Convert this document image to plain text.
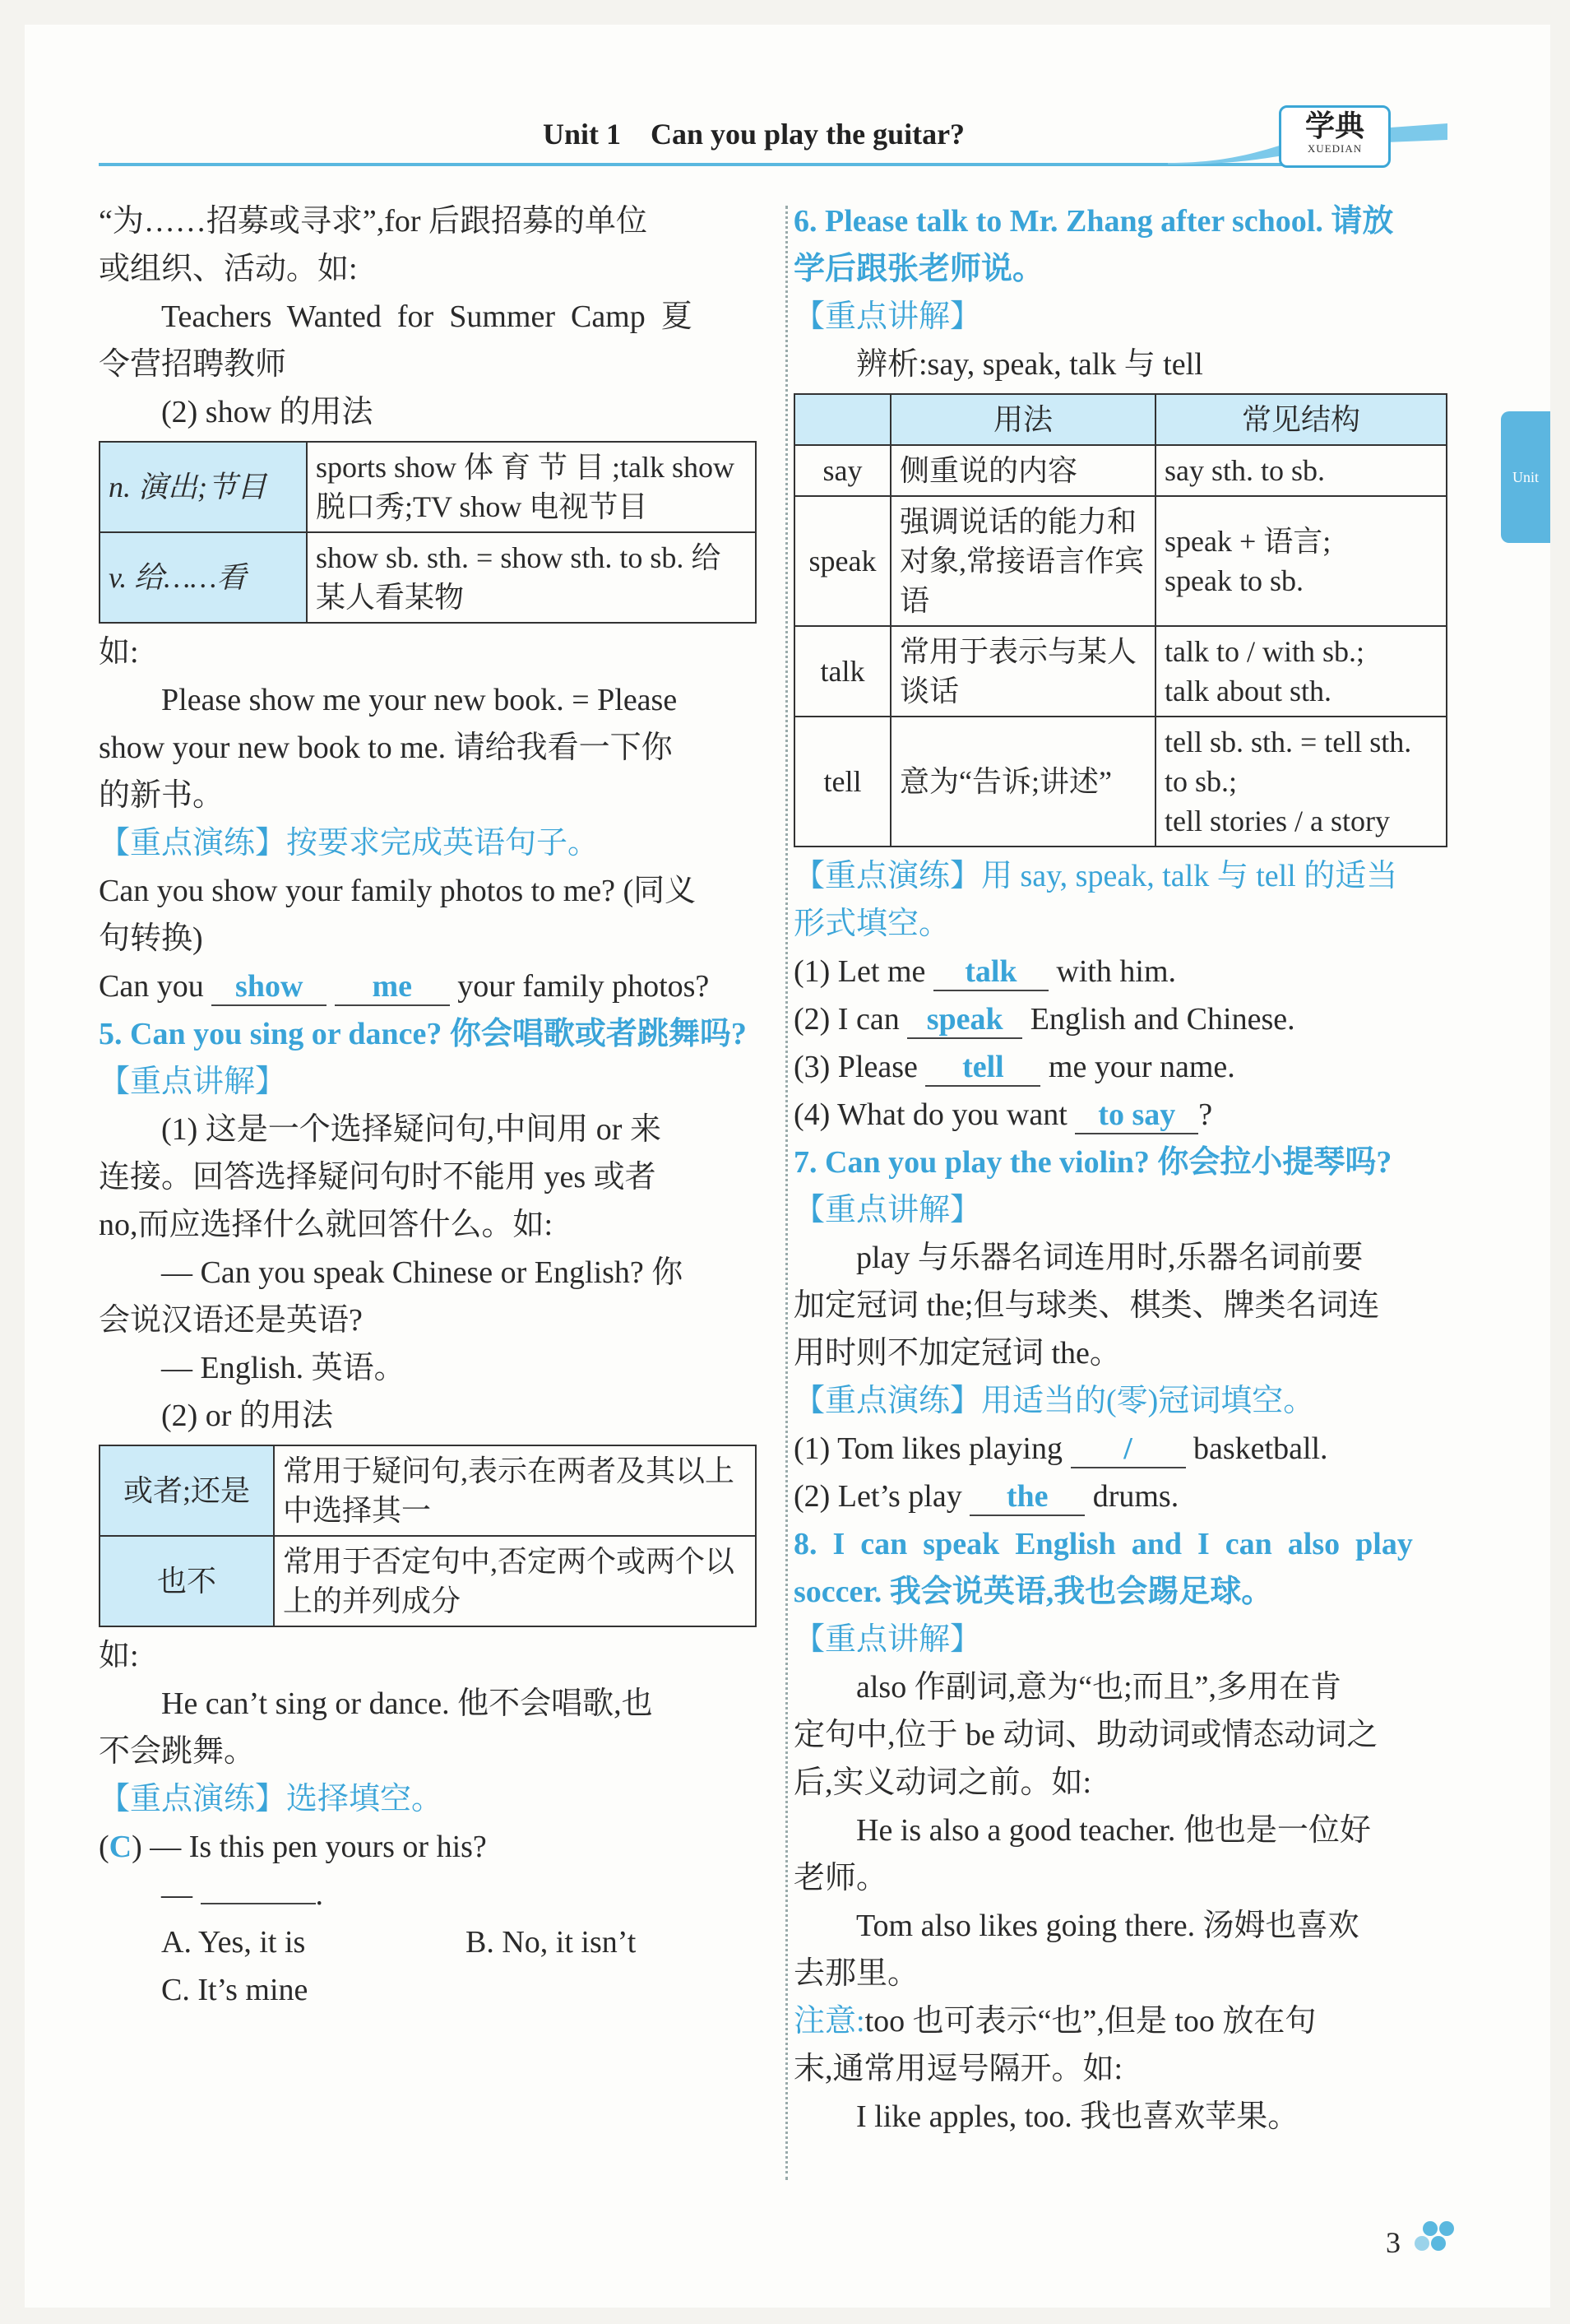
Unit 1    Can you play the guitar?	学典
XUEDIAN
Unit

“为……招募或寻求”,for 后跟招募的单位

或组织、活动。如:

Teachers  Wanted  for  Summer  Camp  夏

令营招聘教师

(2) show 的用法

n. 演出;节目	sports show 体 育 节 目 ;talk show 脱口秀;TV show 电视节目
v. 给……看	show sb. sth. = show sth. to sb. 给某人看某物

如:

Please show me your new book. = Please

show your new book to me. 请给我看一下你

的新书。

【重点演练】按要求完成英语句子。

Can you show your family photos to me? (同义

句转换)

Can you show me your family photos?

5. Can you sing or dance? 你会唱歌或者跳舞吗?

【重点讲解】

(1) 这是一个选择疑问句,中间用 or 来

连接。回答选择疑问句时不能用 yes 或者

no,而应选择什么就回答什么。如:

— Can you speak Chinese or English? 你

会说汉语还是英语?

— English. 英语。

(2) or 的用法

或者;还是	常用于疑问句,表示在两者及其以上中选择其一
也不	常用于否定句中,否定两个或两个以上的并列成分

如:

He can’t sing or dance. 他不会唱歌,也

不会跳舞。

【重点演练】选择填空。

(C) — Is this pen yours or his?

—	.

A. Yes, it is	B. No, it isn’t

C. It’s mine

6. Please talk to Mr. Zhang after school. 请放

学后跟张老师说。

【重点讲解】

辨析:say, speak, talk 与 tell

	用法	常见结构
say	侧重说的内容	say sth. to sb.
speak	强调说话的能力和对象,常接语言作宾语	speak + 语言;
speak to sb.
talk	常用于表示与某人谈话	talk to / with sb.;
talk about sth.
tell	意为“告诉;讲述”	tell sb. sth. = tell sth. to sb.;
tell stories / a story

【重点演练】用 say, speak, talk 与 tell 的适当

形式填空。

(1) Let me talk with him.

(2) I can speak English and Chinese.

(3) Please tell me your name.

(4) What do you want to say ?

7. Can you play the violin? 你会拉小提琴吗?

【重点讲解】

play 与乐器名词连用时,乐器名词前要

加定冠词 the;但与球类、棋类、牌类名词连

用时则不加定冠词 the。

【重点演练】用适当的(零)冠词填空。

(1) Tom likes playing / basketball.

(2) Let’s play the drums.

8.  I  can  speak  English  and  I  can  also  play

soccer. 我会说英语,我也会踢足球。

【重点讲解】

also 作副词,意为“也;而且”,多用在肯

定句中,位于 be 动词、助动词或情态动词之

后,实义动词之前。如:

He is also a good teacher. 他也是一位好

老师。

Tom also likes going there. 汤姆也喜欢

去那里。

注意:too 也可表示“也”,但是 too 放在句

末,通常用逗号隔开。如:

I like apples, too. 我也喜欢苹果。

3
